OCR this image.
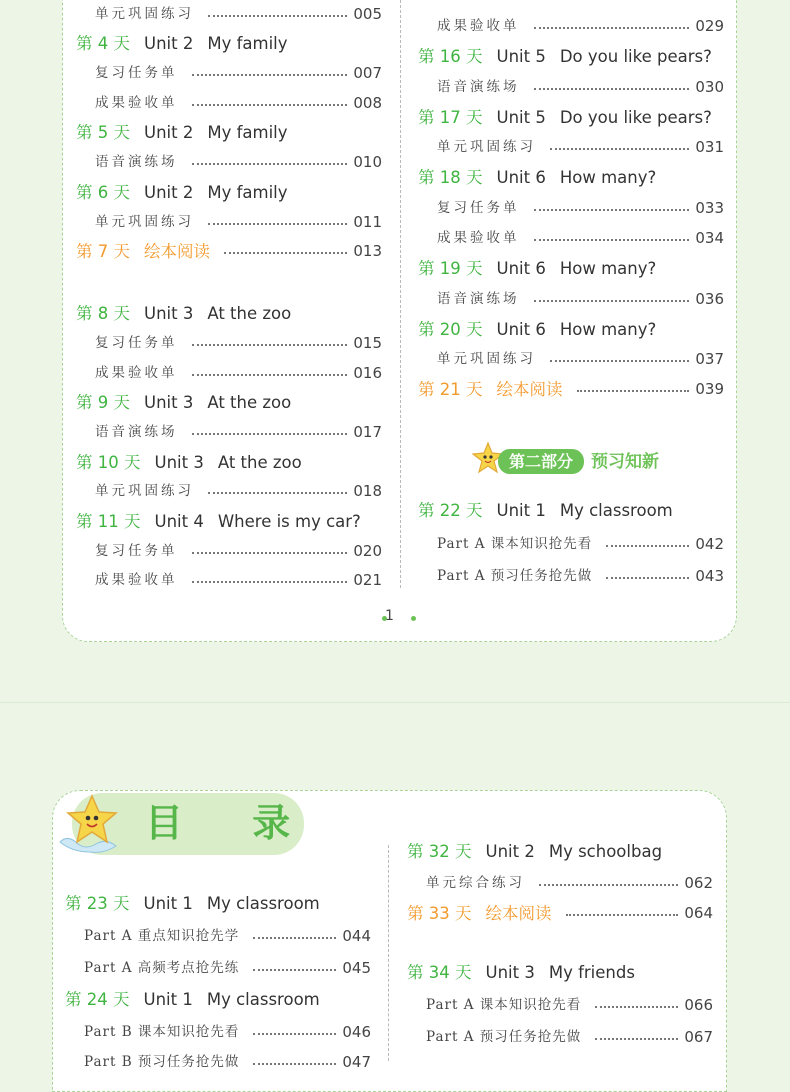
第二部分	预习知新
1
目 录
单元巩固练习	005
第 4 天 Unit 2 My family
复习任务单	007
成果验收单	008
第 5 天 Unit 2 My family
语音演练场	010
第 6 天 Unit 2 My family
单元巩固练习	011
第 7 天 绘本阅读	013
第 8 天 Unit 3 At the zoo
复习任务单	015
成果验收单	016
第 9 天 Unit 3 At the zoo
语音演练场	017
第 10 天 Unit 3 At the zoo
单元巩固练习	018
第 11 天 Unit 4 Where is my car?
复习任务单	020
成果验收单	021
成果验收单	029
第 16 天 Unit 5 Do you like pears?
语音演练场	030
第 17 天 Unit 5 Do you like pears?
单元巩固练习	031
第 18 天 Unit 6 How many?
复习任务单	033
成果验收单	034
第 19 天 Unit 6 How many?
语音演练场	036
第 20 天 Unit 6 How many?
单元巩固练习	037
第 21 天 绘本阅读	039
第 22 天 Unit 1 My classroom
Part A 课本知识抢先看	042
Part A 预习任务抢先做	043
第 23 天 Unit 1 My classroom
Part A 重点知识抢先学	044
Part A 高频考点抢先练	045
第 24 天 Unit 1 My classroom
Part B 课本知识抢先看	046
Part B 预习任务抢先做	047
第 32 天 Unit 2 My schoolbag
单元综合练习	062
第 33 天 绘本阅读	064
第 34 天 Unit 3 My friends
Part A 课本知识抢先看	066
Part A 预习任务抢先做	067
